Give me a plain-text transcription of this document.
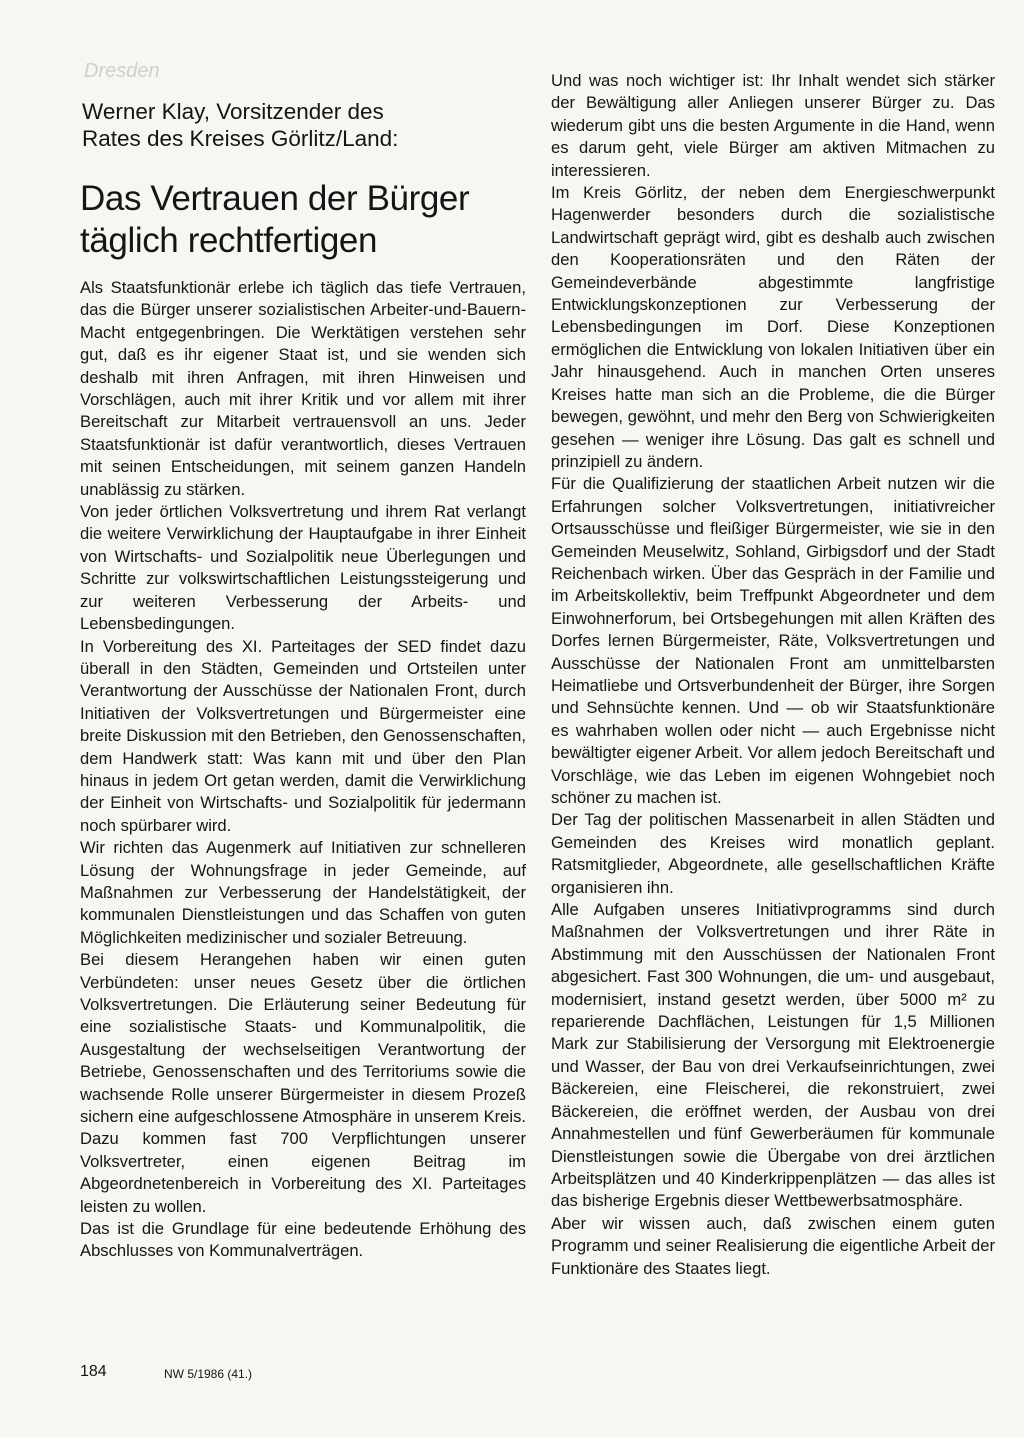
Dresden
Werner Klay, Vorsitzender des
Rates des Kreises Görlitz/Land:
Das Vertrauen der Bürger
täglich rechtfertigen

Als Staatsfunktionär erlebe ich täglich das tiefe Vertrauen, das die Bürger unserer sozialistischen Arbeiter-und-Bauern-Macht entgegenbringen. Die Werktätigen verstehen sehr gut, daß es ihr eigener Staat ist, und sie wenden sich deshalb mit ihren Anfragen, mit ihren Hinweisen und Vorschlägen, auch mit ihrer Kritik und vor allem mit ihrer Bereitschaft zur Mitarbeit vertrauensvoll an uns. Jeder Staatsfunktionär ist dafür verantwortlich, dieses Vertrauen mit seinen Entscheidungen, mit seinem ganzen Handeln unablässig zu stärken.

Von jeder örtlichen Volksvertretung und ihrem Rat verlangt die weitere Verwirklichung der Hauptaufgabe in ihrer Einheit von Wirtschafts- und Sozialpolitik neue Überlegungen und Schritte zur volkswirtschaftlichen Leistungssteigerung und zur weiteren Verbesserung der Arbeits- und Lebensbedingungen.

In Vorbereitung des XI. Parteitages der SED findet dazu überall in den Städten, Gemeinden und Ortsteilen unter Verantwortung der Ausschüsse der Nationalen Front, durch Initiativen der Volksvertretungen und Bürgermeister eine breite Diskussion mit den Betrieben, den Genossenschaften, dem Handwerk statt: Was kann mit und über den Plan hinaus in jedem Ort getan werden, damit die Verwirklichung der Einheit von Wirtschafts- und Sozialpolitik für jedermann noch spürbarer wird.

Wir richten das Augenmerk auf Initiativen zur schnelleren Lösung der Wohnungsfrage in jeder Gemeinde, auf Maßnahmen zur Verbesserung der Handelstätigkeit, der kommunalen Dienstleistungen und das Schaffen von guten Möglichkeiten medizinischer und sozialer Betreuung.

Bei diesem Herangehen haben wir einen guten Verbündeten: unser neues Gesetz über die örtlichen Volksvertretungen. Die Erläuterung seiner Bedeutung für eine sozialistische Staats- und Kommunalpolitik, die Ausgestaltung der wechselseitigen Verantwortung der Betriebe, Genossenschaften und des Territoriums sowie die wachsende Rolle unserer Bürgermeister in diesem Prozeß sichern eine aufgeschlossene Atmosphäre in unserem Kreis. Dazu kommen fast 700 Verpflichtungen unserer Volksvertreter, einen eigenen Beitrag im Abgeordnetenbereich in Vorbereitung des XI. Parteitages leisten zu wollen.

Das ist die Grundlage für eine bedeutende Erhöhung des Abschlusses von Kommunalverträgen.

Und was noch wichtiger ist: Ihr Inhalt wendet sich stärker der Bewältigung aller Anliegen unserer Bürger zu. Das wiederum gibt uns die besten Argumente in die Hand, wenn es darum geht, viele Bürger am aktiven Mitmachen zu interessieren.

Im Kreis Görlitz, der neben dem Energieschwerpunkt Hagenwerder besonders durch die sozialistische Landwirtschaft geprägt wird, gibt es deshalb auch zwischen den Kooperationsräten und den Räten der Gemeindeverbände abgestimmte langfristige Entwicklungskonzeptionen zur Verbesserung der Lebensbedingungen im Dorf. Diese Konzeptionen ermöglichen die Entwicklung von lokalen Initiativen über ein Jahr hinausgehend. Auch in manchen Orten unseres Kreises hatte man sich an die Probleme, die die Bürger bewegen, gewöhnt, und mehr den Berg von Schwierigkeiten gesehen — weniger ihre Lösung. Das galt es schnell und prinzipiell zu ändern.

Für die Qualifizierung der staatlichen Arbeit nutzen wir die Erfahrungen solcher Volksvertretungen, initiativreicher Ortsausschüsse und fleißiger Bürgermeister, wie sie in den Gemeinden Meuselwitz, Sohland, Girbigsdorf und der Stadt Reichenbach wirken. Über das Gespräch in der Familie und im Arbeitskollektiv, beim Treffpunkt Abgeordneter und dem Einwohnerforum, bei Ortsbegehungen mit allen Kräften des Dorfes lernen Bürgermeister, Räte, Volksvertretungen und Ausschüsse der Nationalen Front am unmittelbarsten Heimatliebe und Ortsverbundenheit der Bürger, ihre Sorgen und Sehnsüchte kennen. Und — ob wir Staatsfunktionäre es wahrhaben wollen oder nicht — auch Ergebnisse nicht bewältigter eigener Arbeit. Vor allem jedoch Bereitschaft und Vorschläge, wie das Leben im eigenen Wohngebiet noch schöner zu machen ist.

Der Tag der politischen Massenarbeit in allen Städten und Gemeinden des Kreises wird monatlich geplant. Ratsmitglieder, Abgeordnete, alle gesellschaftlichen Kräfte organisieren ihn.

Alle Aufgaben unseres Initiativprogramms sind durch Maßnahmen der Volksvertretungen und ihrer Räte in Abstimmung mit den Ausschüssen der Nationalen Front abgesichert. Fast 300 Wohnungen, die um- und ausgebaut, modernisiert, instand gesetzt werden, über 5000 m² zu reparierende Dachflächen, Leistungen für 1,5 Millionen Mark zur Stabilisierung der Versorgung mit Elektroenergie und Wasser, der Bau von drei Verkaufseinrichtungen, zwei Bäckereien, eine Fleischerei, die rekonstruiert, zwei Bäckereien, die eröffnet werden, der Ausbau von drei Annahmestellen und fünf Gewerberäumen für kommunale Dienstleistungen sowie die Übergabe von drei ärztlichen Arbeitsplätzen und 40 Kinderkrippenplätzen — das alles ist das bisherige Ergebnis dieser Wettbewerbsatmosphäre.

Aber wir wissen auch, daß zwischen einem guten Programm und seiner Realisierung die eigentliche Arbeit der Funktionäre des Staates liegt.

184	NW 5/1986 (41.)
